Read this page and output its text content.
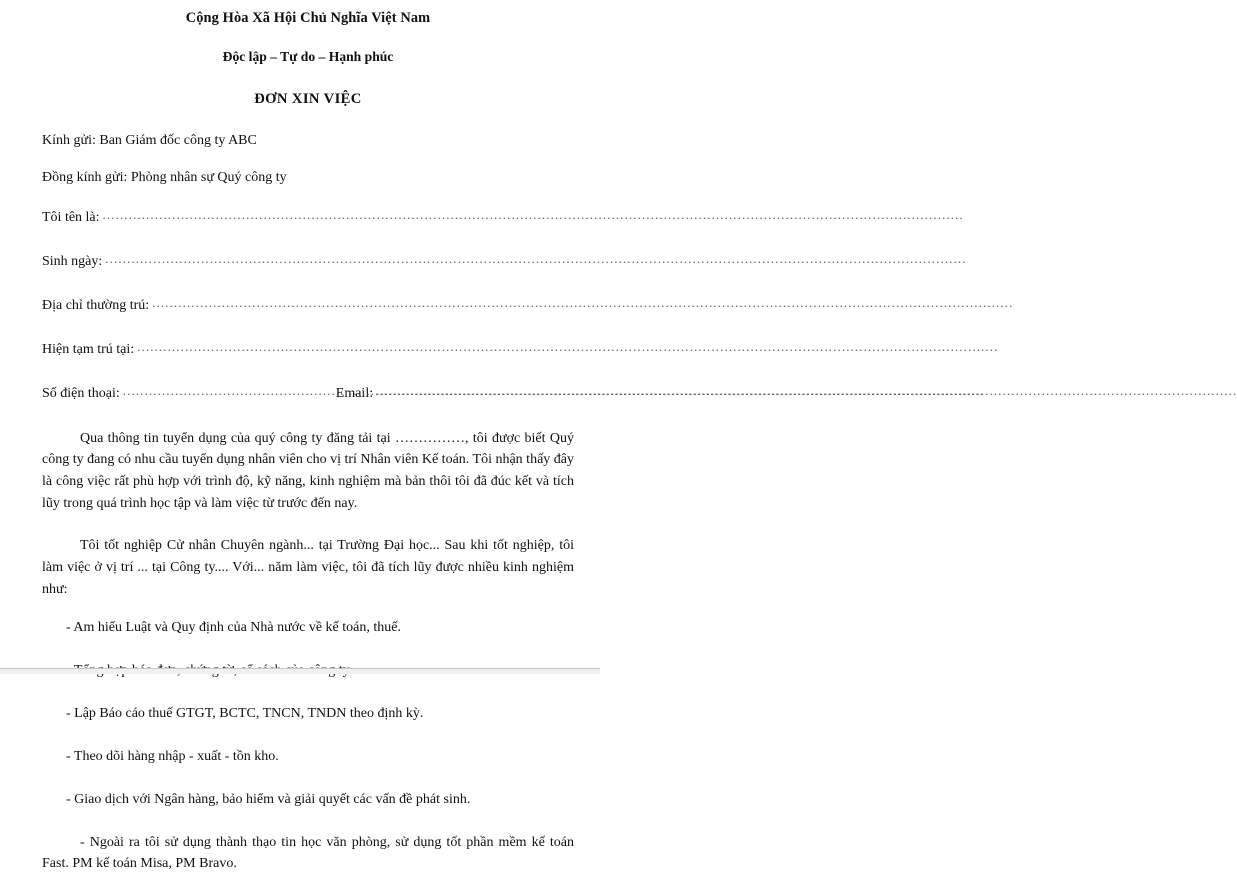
Cộng Hòa Xã Hội Chủ Nghĩa Việt Nam
Độc lập – Tự do – Hạnh phúc
ĐƠN XIN VIỆC
Kính gửi: Ban Giám đốc công ty ABC
Đồng kính gửi: Phòng nhân sự Quý công ty
Tôi tên là:
.....
Sinh ngày:
.....
Địa chỉ thường trú:
.....
Hiện tạm trú tại:
.....
Số điện thoại: .....	Email:
.....

Qua thông tin tuyển dụng của quý công ty đăng tải tại ……………, tôi được biết Quý công ty đang có nhu cầu tuyển dụng nhân viên cho vị trí Nhân viên Kế toán. Tôi nhận thấy đây là công việc rất phù hợp với trình độ, kỹ năng, kinh nghiệm mà bản thôi tôi đã đúc kết và tích lũy trong quá trình học tập và làm việc từ trước đến nay.

Tôi tốt nghiệp Cử nhân Chuyên ngành... tại Trường Đại học... Sau khi tốt nghiệp, tôi làm việc ở vị trí ... tại Công ty.... Với... năm làm việc, tôi đã tích lũy được nhiều kinh nghiệm như:

- Am hiểu Luật và Quy định của Nhà nước về kế toán, thuế.
- Lập Báo cáo thuế GTGT, BCTC, TNCN, TNDN theo định kỳ.
- Theo dõi hàng nhập - xuất - tồn kho.
- Giao dịch với Ngân hàng, bảo hiểm và giải quyết các vấn đề phát sinh.
- Ngoài ra tôi sử dụng thành thạo tin học văn phòng, sử dụng tốt phần mềm kế toán Fast. PM kế toán Misa, PM Bravo.
